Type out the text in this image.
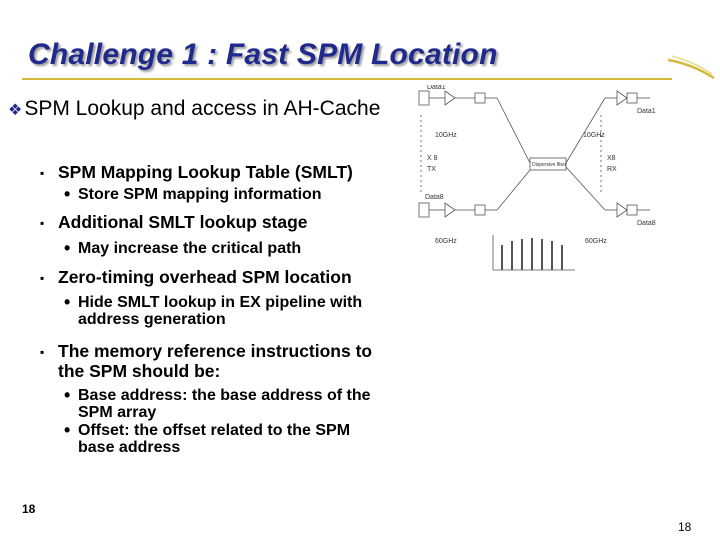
Challenge 1 : Fast SPM Location
❖SPM Lookup and access in AH-Cache
▪ SPM Mapping Lookup Table (SMLT)
• Store SPM mapping information
▪ Additional SMLT lookup stage
• May increase the critical path
▪ Zero-timing overhead SPM location
• Hide SMLT lookup in EX pipeline with address generation
▪ The memory reference instructions to the SPM should be:
• Base address: the base address of the SPM array
• Offset: the offset related to the SPM base address
Data1
10GHz	10GHz
X 8
TX
X8
RX
Dispersive fiber
Data1
Data8
Data8
60GHz	60GHz
18
18
